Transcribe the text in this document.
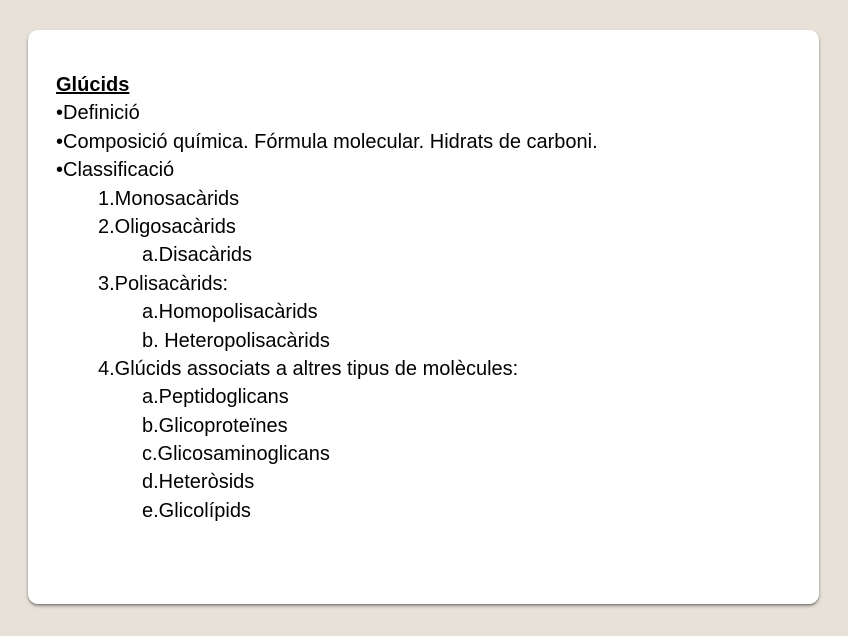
Glúcids
•Definició
•Composició química. Fórmula molecular. Hidrats de carboni.
•Classificació
1.Monosacàrids
2.Oligosacàrids
a.Disacàrids
3.Polisacàrids:
a.Homopolisacàrids
b. Heteropolisacàrids
4.Glúcids associats a altres tipus de molècules:
a.Peptidoglicans
b.Glicoproteïnes
c.Glicosaminoglicans
d.Heteròsids
e.Glicolípids
